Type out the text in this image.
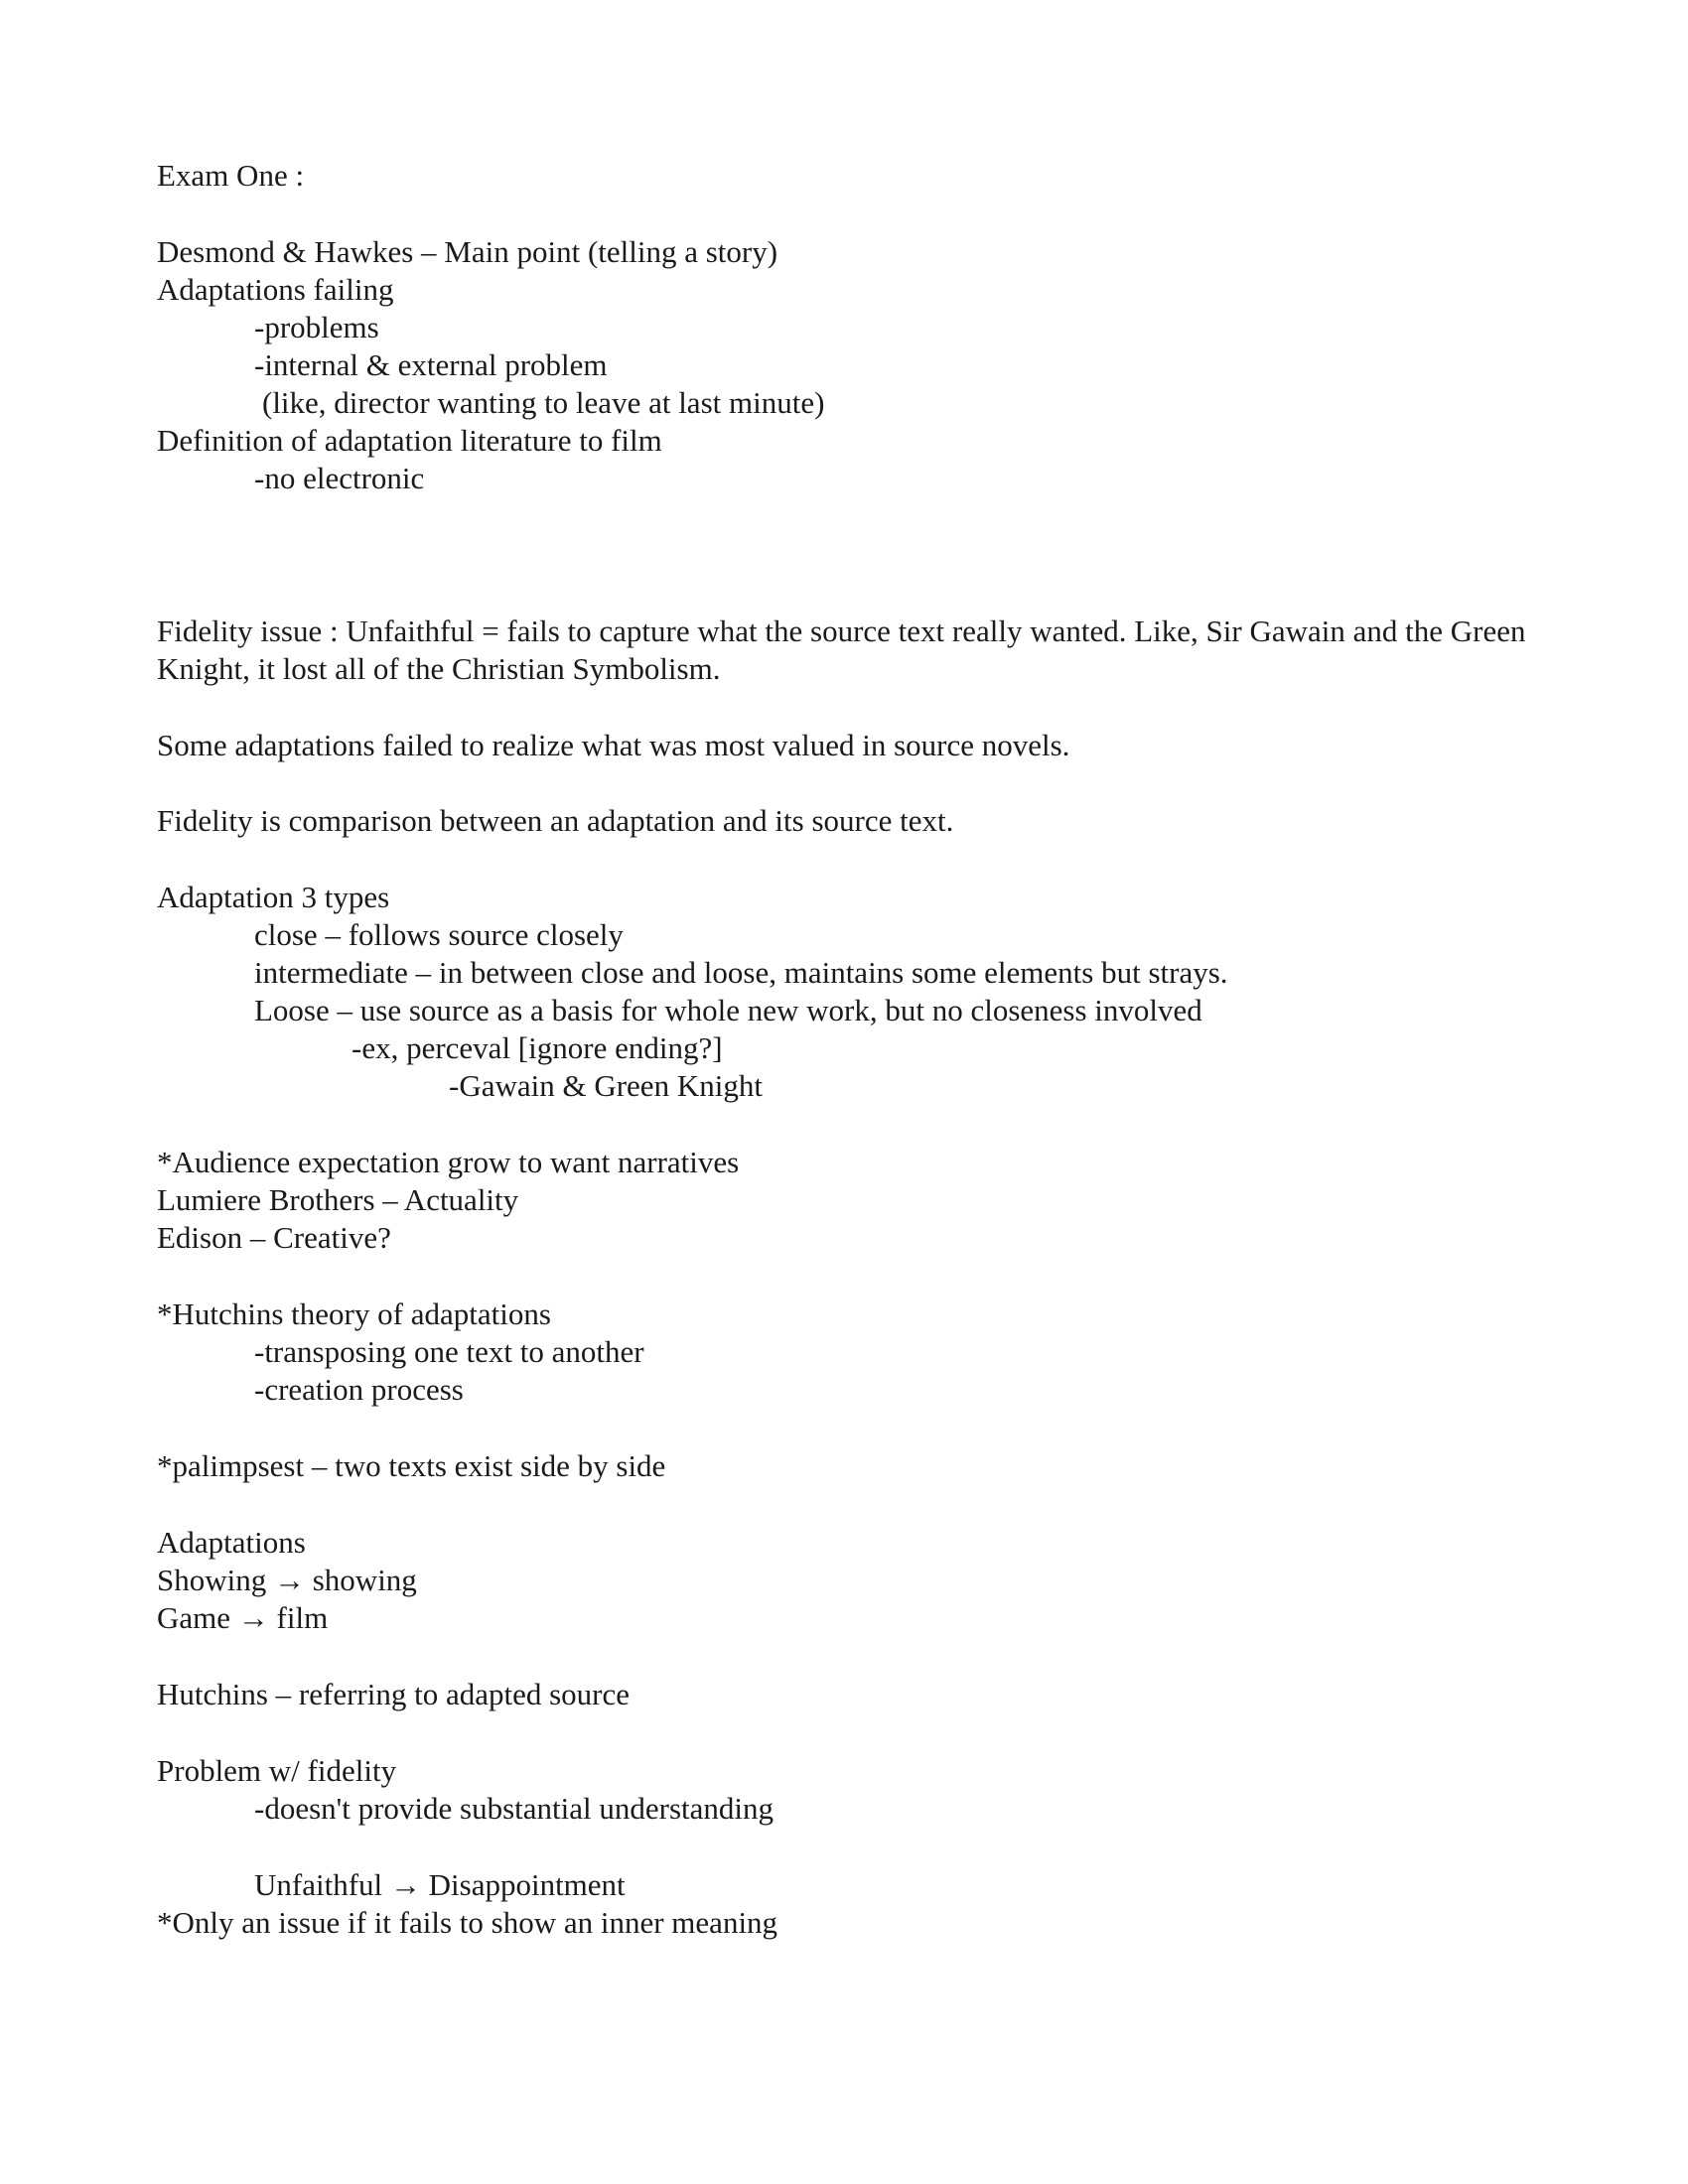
Exam One :
Desmond & Hawkes – Main point (telling a story)
Adaptations failing
-problems
-internal & external problem
(like, director wanting to leave at last minute)
Definition of adaptation literature to film
-no electronic
Fidelity issue : Unfaithful = fails to capture what the source text really wanted. Like, Sir Gawain and the Green Knight, it lost all of the Christian Symbolism.
Some adaptations failed to realize what was most valued in source novels.
Fidelity is comparison between an adaptation and its source text.
Adaptation 3 types
close – follows source closely
intermediate – in between close and loose, maintains some elements but strays.
Loose – use source as a basis for whole new work, but no closeness involved
-ex, perceval [ignore ending?]
-Gawain & Green Knight
*Audience expectation grow to want narratives
Lumiere Brothers – Actuality
Edison – Creative?
*Hutchins theory of adaptations
-transposing one text to another
-creation process
*palimpsest – two texts exist side by side
Adaptations
Showing → showing
Game → film
Hutchins – referring to adapted source
Problem w/ fidelity
-doesn't provide substantial understanding
Unfaithful → Disappointment
*Only an issue if it fails to show an inner meaning
